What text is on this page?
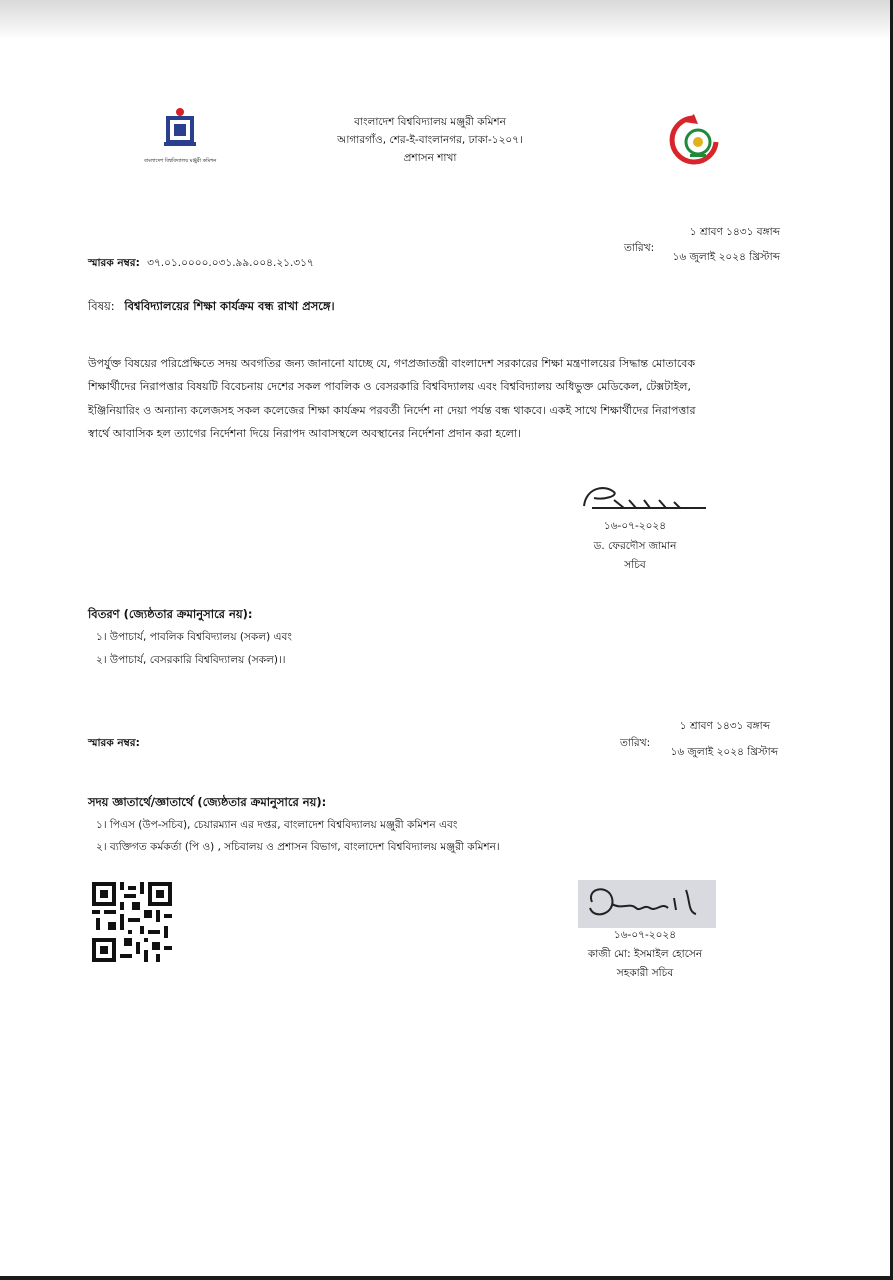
বাংলাদেশ বিশ্ববিদ্যালয় মঞ্জুরী কমিশন
বাংলাদেশ বিশ্ববিদ্যালয় মঞ্জুরী কমিশন
আগারগাঁও, শের-ই-বাংলানগর, ঢাকা-১২০৭।
প্রশাসন শাখা
১ শ্রাবণ ১৪৩১ বঙ্গাব্দ
তারিখ:
১৬ জুলাই ২০২৪ খ্রিস্টাব্দ
স্মারক নম্বর: ৩৭.০১.০০০০.০৩১.৯৯.০০৪.২১.৩১৭
বিষয়: বিশ্ববিদ্যালয়ের শিক্ষা কার্যক্রম বন্ধ রাখা প্রসঙ্গে।
উপর্যুক্ত বিষয়ের পরিপ্রেক্ষিতে সদয় অবগতির জন্য জানানো যাচ্ছে যে, গণপ্রজাতন্ত্রী বাংলাদেশ সরকারের শিক্ষা মন্ত্রণালয়ের সিদ্ধান্ত মোতাবেক
শিক্ষার্থীদের নিরাপত্তার বিষয়টি বিবেচনায় দেশের সকল পাবলিক ও বেসরকারি বিশ্ববিদ্যালয় এবং বিশ্ববিদ্যালয় অধিভুক্ত মেডিকেল, টেক্সটাইল,
ইঞ্জিনিয়ারিং ও অন্যান্য কলেজসহ সকল কলেজের শিক্ষা কার্যক্রম পরবর্তী নির্দেশ না দেয়া পর্যন্ত বন্ধ থাকবে। একই সাথে শিক্ষার্থীদের নিরাপত্তার
স্বার্থে আবাসিক হল ত্যাগের নির্দেশনা দিয়ে নিরাপদ আবাসস্থলে অবস্থানের নির্দেশনা প্রদান করা হলো।
১৬-০৭-২০২৪
ড. ফেরদৌস জামান
সচিব
বিতরণ (জ্যেষ্ঠতার ক্রমানুসারে নয়):
১। উপাচার্য, পাবলিক বিশ্ববিদ্যালয় (সকল) এবং
২। উপাচার্য, বেসরকারি বিশ্ববিদ্যালয় (সকল)।।
১ শ্রাবণ ১৪৩১ বঙ্গাব্দ
তারিখ:
১৬ জুলাই ২০২৪ খ্রিস্টাব্দ
স্মারক নম্বর:
সদয় জ্ঞাতার্থে/জ্ঞাতার্থে (জ্যেষ্ঠতার ক্রমানুসারে নয়):
১। পিএস (উপ-সচিব), চেয়ারম্যান এর দপ্তর, বাংলাদেশ বিশ্ববিদ্যালয় মঞ্জুরী কমিশন এবং
২। ব্যক্তিগত কর্মকর্তা (পি ও) , সচিবালয় ও প্রশাসন বিভাগ, বাংলাদেশ বিশ্ববিদ্যালয় মঞ্জুরী কমিশন।
১৬-০৭-২০২৪
কাজী মো: ইসমাইল হোসেন
সহকারী সচিব
